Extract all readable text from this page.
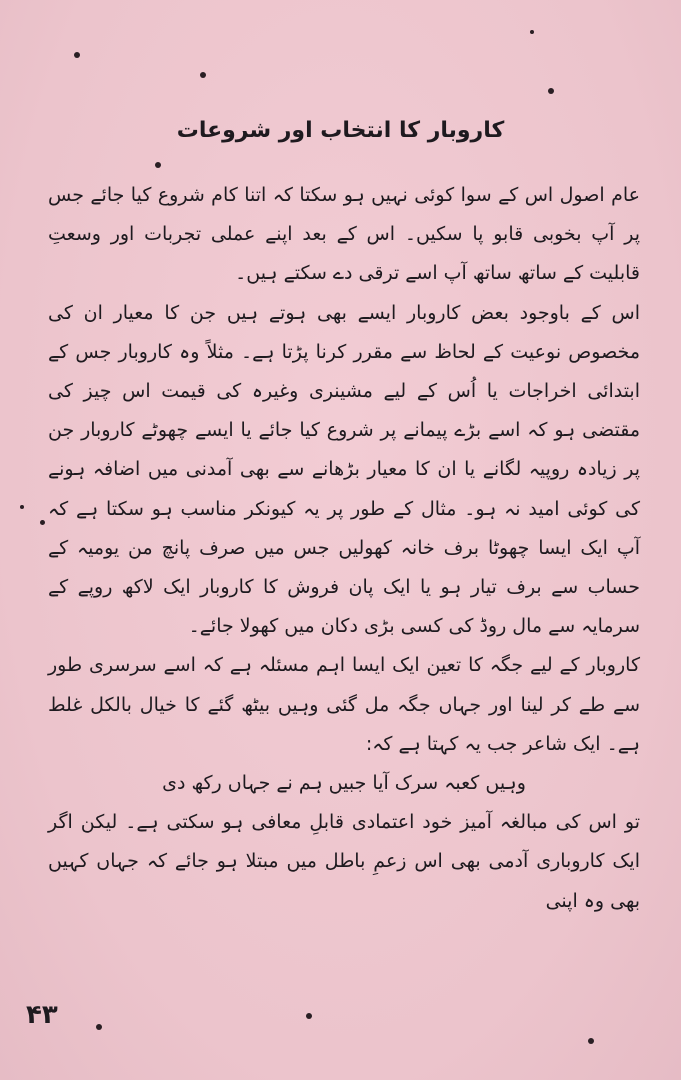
کاروبار کا انتخاب اور شروعات

عام اصول اس کے سوا کوئی نہیں ہو سکتا کہ اتنا کام شروع کیا جائے جس پر آپ بخوبی قابو پا سکیں۔ اس کے بعد اپنے عملی تجربات اور وسعتِ قابلیت کے ساتھ ساتھ آپ اسے ترقی دے سکتے ہیں۔

اس کے باوجود بعض کاروبار ایسے بھی ہوتے ہیں جن کا معیار ان کی مخصوص نوعیت کے لحاظ سے مقرر کرنا پڑتا ہے۔ مثلاً وہ کاروبار جس کے ابتدائی اخراجات یا اُس کے لیے مشینری وغیرہ کی قیمت اس چیز کی مقتضی ہو کہ اسے بڑے پیمانے پر شروع کیا جائے یا ایسے چھوٹے کاروبار جن پر زیادہ روپیہ لگانے یا ان کا معیار بڑھانے سے بھی آمدنی میں اضافہ ہونے کی کوئی امید نہ ہو۔ مثال کے طور پر یہ کیونکر مناسب ہو سکتا ہے کہ آپ ایک ایسا چھوٹا برف خانہ کھولیں جس میں صرف پانچ من یومیہ کے حساب سے برف تیار ہو یا ایک پان فروش کا کاروبار ایک لاکھ روپے کے سرمایہ سے مال روڈ کی کسی بڑی دکان میں کھولا جائے۔

کاروبار کے لیے جگہ کا تعین ایک ایسا اہم مسئلہ ہے کہ اسے سرسری طور سے طے کر لینا اور جہاں جگہ مل گئی وہیں بیٹھ گئے کا خیال بالکل غلط ہے۔ ایک شاعر جب یہ کہتا ہے کہ:

وہیں کعبہ سرک آیا جبیں ہم نے جہاں رکھ دی

تو اس کی مبالغہ آمیز خود اعتمادی قابلِ معافی ہو سکتی ہے۔ لیکن اگر ایک کاروباری آدمی بھی اس زعمِ باطل میں مبتلا ہو جائے کہ جہاں کہیں بھی وہ اپنی

۴۳
